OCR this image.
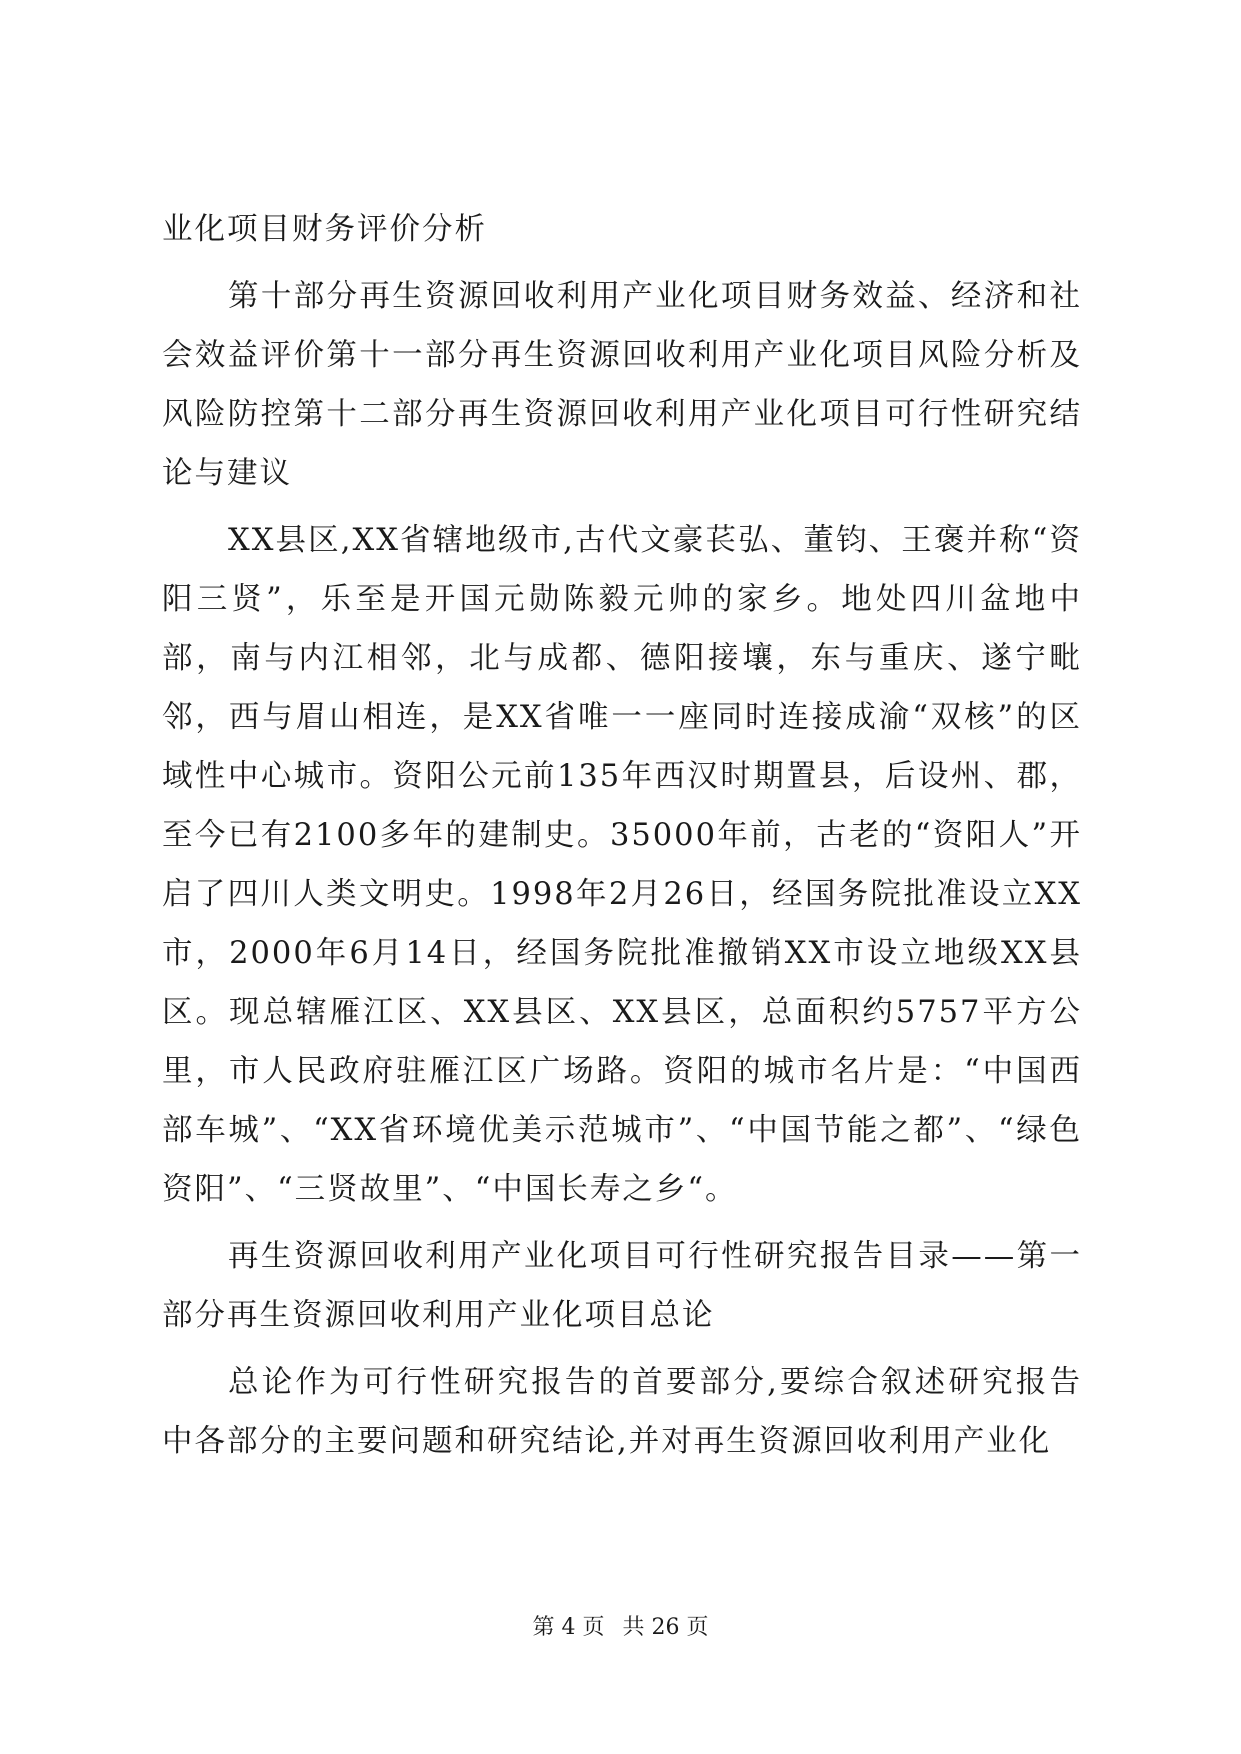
业化项目财务评价分析

第十部分再生资源回收利用产业化项目财务效益、经济和社会效益评价第十一部分再生资源回收利用产业化项目风险分析及风险防控第十二部分再生资源回收利用产业化项目可行性研究结论与建议

XX县区,XX省辖地级市,古代文豪苌弘、董钧、王褒并称“资阳三贤”，乐至是开国元勋陈毅元帅的家乡。地处四川盆地中部，南与内江相邻，北与成都、德阳接壤，东与重庆、遂宁毗邻，西与眉山相连，是XX省唯一一座同时连接成渝“双核”的区域性中心城市。资阳公元前135年西汉时期置县，后设州、郡，至今已有2100多年的建制史。35000年前，古老的“资阳人”开启了四川人类文明史。1998年2月26日，经国务院批准设立XX市，2000年6月14日，经国务院批准撤销XX市设立地级XX县区。现总辖雁江区、XX县区、XX县区，总面积约5757平方公里，市人民政府驻雁江区广场路。资阳的城市名片是：“中国西部车城”、“XX省环境优美示范城市”、“中国节能之都”、“绿色资阳”、“三贤故里”、“中国长寿之乡“。

再生资源回收利用产业化项目可行性研究报告目录——第一部分再生资源回收利用产业化项目总论

总论作为可行性研究报告的首要部分,要综合叙述研究报告中各部分的主要问题和研究结论,并对再生资源回收利用产业化

第 4 页 共 26 页
